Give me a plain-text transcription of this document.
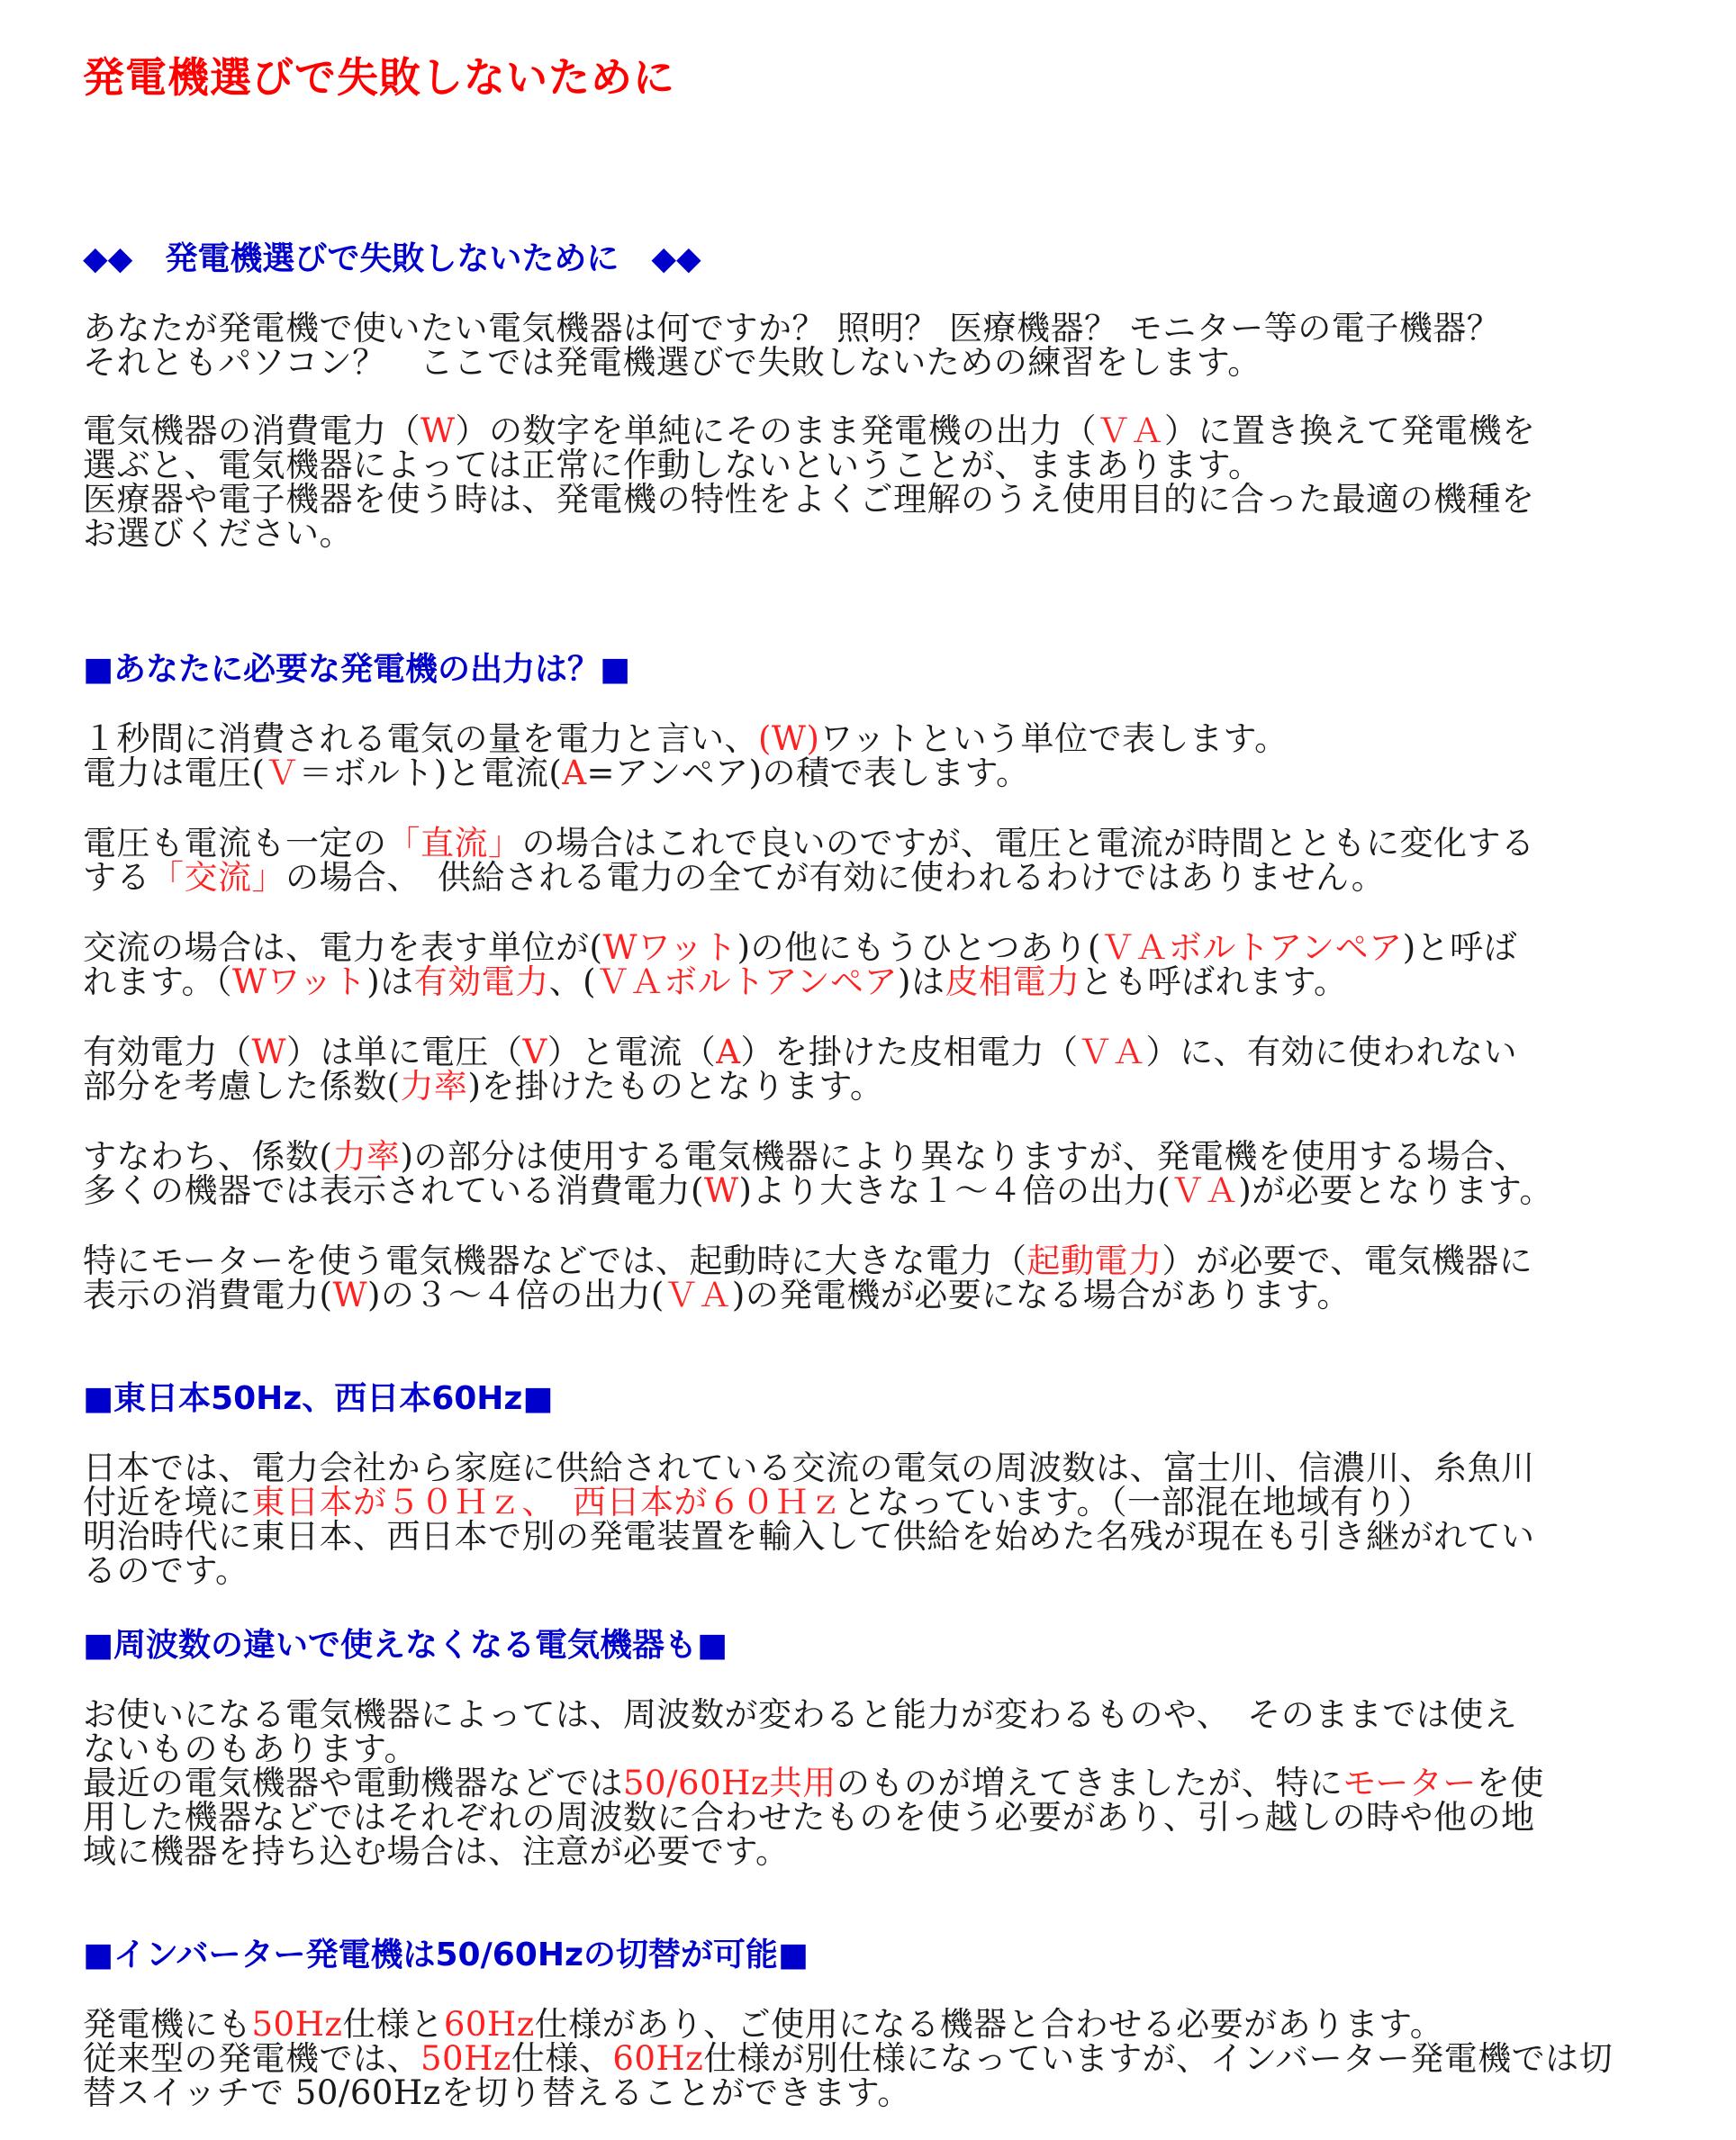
発電機選びで失敗しないために
◆◆　発電機選びで失敗しないために　◆◆

あなたが発電機で使いたい電気機器は何ですか？ 照明？ 医療機器？ モニター等の電子機器？
それともパソコン？　ここでは発電機選びで失敗しないための練習をします。

電気機器の消費電力（W）の数字を単純にそのまま発電機の出力（ＶＡ）に置き換えて発電機を
選ぶと、電気機器によっては正常に作動しないということが、ままあります。
医療器や電子機器を使う時は、発電機の特性をよくご理解のうえ使用目的に合った最適の機種を
お選びください。

■あなたに必要な発電機の出力は？■

１秒間に消費される電気の量を電力と言い、(W)ワットという単位で表します。
電力は電圧(Ｖ＝ボルト)と電流(A=アンペア)の積で表します。

電圧も電流も一定の「直流」の場合はこれで良いのですが、電圧と電流が時間とともに変化する
する「交流」の場合、　供給される電力の全てが有効に使われるわけではありません。

交流の場合は、電力を表す単位が(Wワット)の他にもうひとつあり(ＶＡボルトアンペア)と呼ば
れます。（Wワット)は有効電力、(ＶＡボルトアンペア)は皮相電力とも呼ばれます。

有効電力（W）は単に電圧（V）と電流（A）を掛けた皮相電力（ＶＡ）に、有効に使われない
部分を考慮した係数(力率)を掛けたものとなります。

すなわち、係数(力率)の部分は使用する電気機器により異なりますが、発電機を使用する場合、
多くの機器では表示されている消費電力(W)より大きな１～４倍の出力(ＶＡ)が必要となります。

特にモーターを使う電気機器などでは、起動時に大きな電力（起動電力）が必要で、電気機器に
表示の消費電力(W)の３～４倍の出力(ＶＡ)の発電機が必要になる場合があります。

■東日本50Hz、西日本60Hz■

日本では、電力会社から家庭に供給されている交流の電気の周波数は、富士川、信濃川、糸魚川
付近を境に東日本が５０Ｈｚ、　西日本が６０Ｈｚとなっています。（一部混在地域有り）
明治時代に東日本、西日本で別の発電装置を輸入して供給を始めた名残が現在も引き継がれてい
るのです。

■周波数の違いで使えなくなる電気機器も■

お使いになる電気機器によっては、周波数が変わると能力が変わるものや、　そのままでは使え
ないものもあります。
最近の電気機器や電動機器などでは50/60Hz共用のものが増えてきましたが、特にモーターを使
用した機器などではそれぞれの周波数に合わせたものを使う必要があり、引っ越しの時や他の地
域に機器を持ち込む場合は、注意が必要です。

■インバーター発電機は50/60Hzの切替が可能■

発電機にも50Hz仕様と60Hz仕様があり、ご使用になる機器と合わせる必要があります。
従来型の発電機では、50Hz仕様、60Hz仕様が別仕様になっていますが、インバーター発電機では切
替スイッチで 50/60Hzを切り替えることができます。
